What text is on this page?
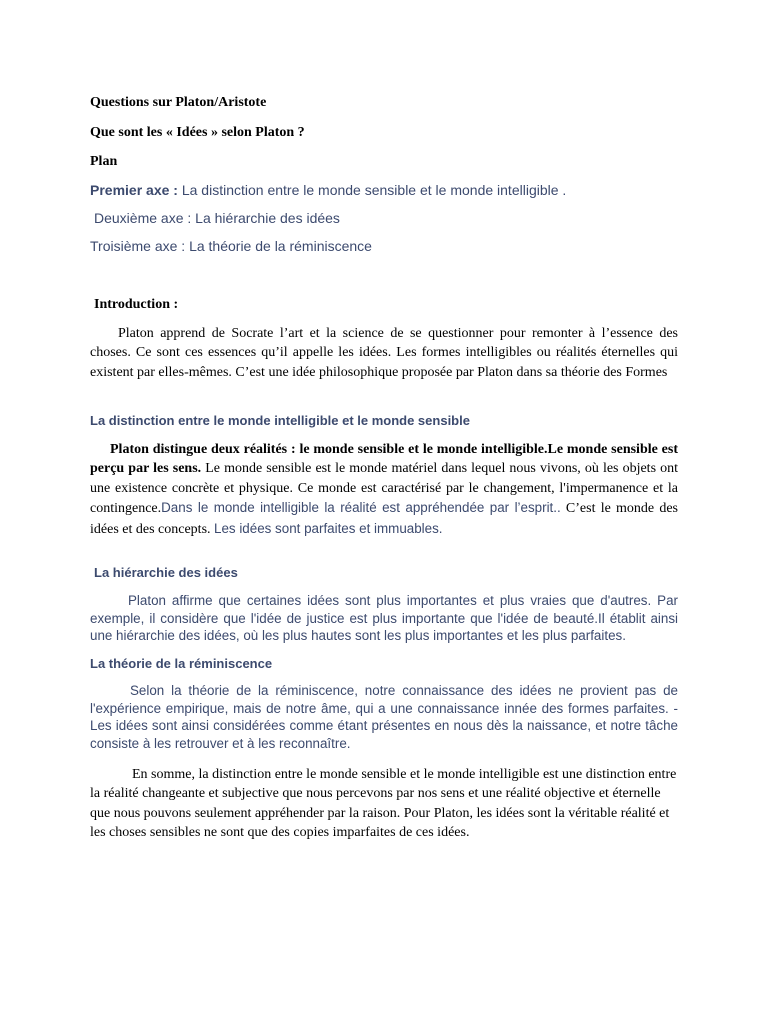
Questions sur Platon/Aristote

Que sont les « Idées » selon Platon ?

Plan

Premier axe : La distinction entre le monde sensible et le monde intelligible .

Deuxième axe : La hiérarchie des idées

Troisième axe : La théorie de la réminiscence

Introduction :

Platon apprend de Socrate l’art et la science de se questionner pour remonter à l’essence des choses. Ce sont ces essences qu’il appelle les idées. Les formes intelligibles ou réalités éternelles qui existent par elles-mêmes. C’est une idée philosophique proposée par Platon dans sa théorie des Formes

La distinction entre le monde intelligible et le monde sensible

Platon distingue deux réalités : le monde sensible et le monde intelligible.Le monde sensible est perçu par les sens. Le monde sensible est le monde matériel dans lequel nous vivons, où les objets ont une existence concrète et physique. Ce monde est caractérisé par le changement, l'impermanence et la contingence.Dans le monde intelligible la réalité est appréhendée par l’esprit.. C’est le monde des idées et des concepts. Les idées sont parfaites et immuables.

La hiérarchie des idées

Platon affirme que certaines idées sont plus importantes et plus vraies que d'autres. Par exemple, il considère que l'idée de justice est plus importante que l'idée de beauté.Il établit ainsi une hiérarchie des idées, où les plus hautes sont les plus importantes et les plus parfaites.

La théorie de la réminiscence

Selon la théorie de la réminiscence, notre connaissance des idées ne provient pas de l'expérience empirique, mais de notre âme, qui a une connaissance innée des formes parfaites. - Les idées sont ainsi considérées comme étant présentes en nous dès la naissance, et notre tâche consiste à les retrouver et à les reconnaître.

En somme, la distinction entre le monde sensible et le monde intelligible est une distinction entre la réalité changeante et subjective que nous percevons par nos sens et une réalité objective et éternelle que nous pouvons seulement appréhender par la raison. Pour Platon, les idées sont la véritable réalité et les choses sensibles ne sont que des copies imparfaites de ces idées.
